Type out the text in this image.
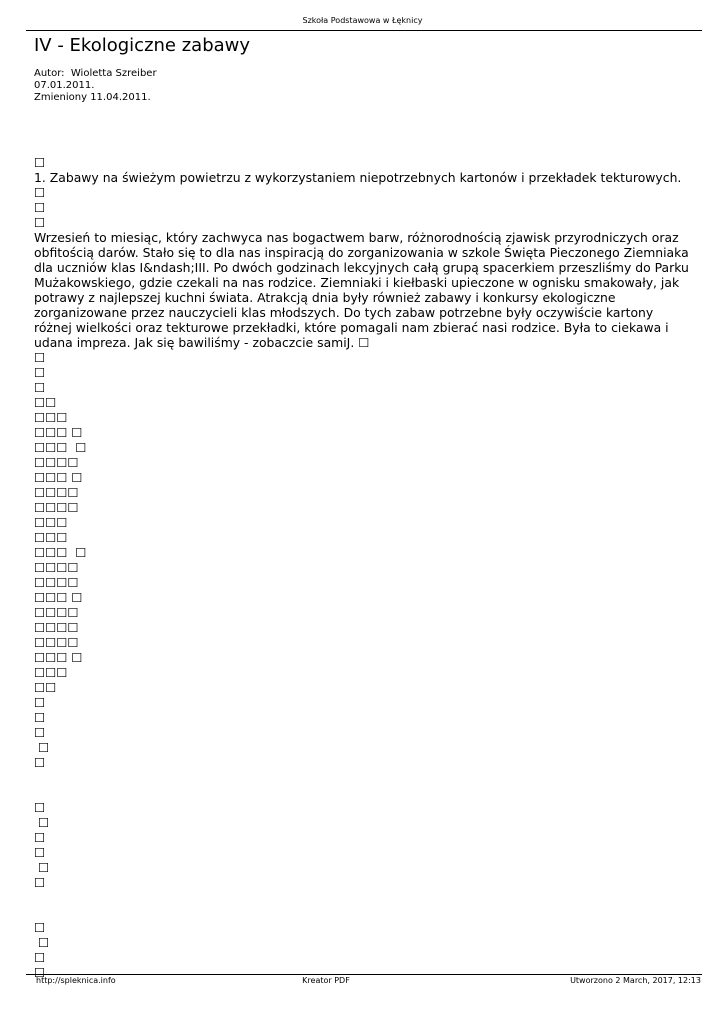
Szkoła Podstawowa w Łęknicy
IV - Ekologiczne zabawy
Autor:  Wioletta Szreiber
07.01.2011.
Zmieniony 11.04.2011.
☐
1. Zabawy na świeżym powietrzu z wykorzystaniem niepotrzebnych kartonów i przekładek tekturowych.
☐
☐
☐
Wrzesień to miesiąc, który zachwyca nas bogactwem barw, różnorodnością zjawisk przyrodniczych oraz obfitością darów. Stało się to dla nas inspiracją do zorganizowania w szkole Święta Pieczonego Ziemniaka dla uczniów klas I&ndash;III. Po dwóch godzinach lekcyjnych całą grupą spacerkiem przeszliśmy do Parku Mużakowskiego, gdzie czekali na nas rodzice. Ziemniaki i kiełbaski upieczone w ognisku smakowały, jak potrawy z najlepszej kuchni świata. Atrakcją dnia były również zabawy i konkursy ekologiczne zorganizowane przez nauczycieli klas młodszych. Do tych zabaw potrzebne były oczywiście kartony różnej wielkości oraz tekturowe przekładki, które pomagali nam zbierać nasi rodzice. Była to ciekawa i udana impreza. Jak się bawiliśmy - zobaczcie samiJ. ☐
☐
☐
☐
☐☐
☐☐☐
☐☐☐ ☐
☐☐☐  ☐
☐☐☐☐
☐☐☐ ☐
☐☐☐☐
☐☐☐☐
☐☐☐
☐☐☐
☐☐☐  ☐
☐☐☐☐
☐☐☐☐
☐☐☐ ☐
☐☐☐☐
☐☐☐☐
☐☐☐☐
☐☐☐ ☐
☐☐☐
☐☐
☐
☐
☐
☐
☐
☐
☐
☐
☐
☐
☐
☐
☐
☐
☐
http://spleknica.info	Kreator PDF	Utworzono 2 March, 2017, 12:13
